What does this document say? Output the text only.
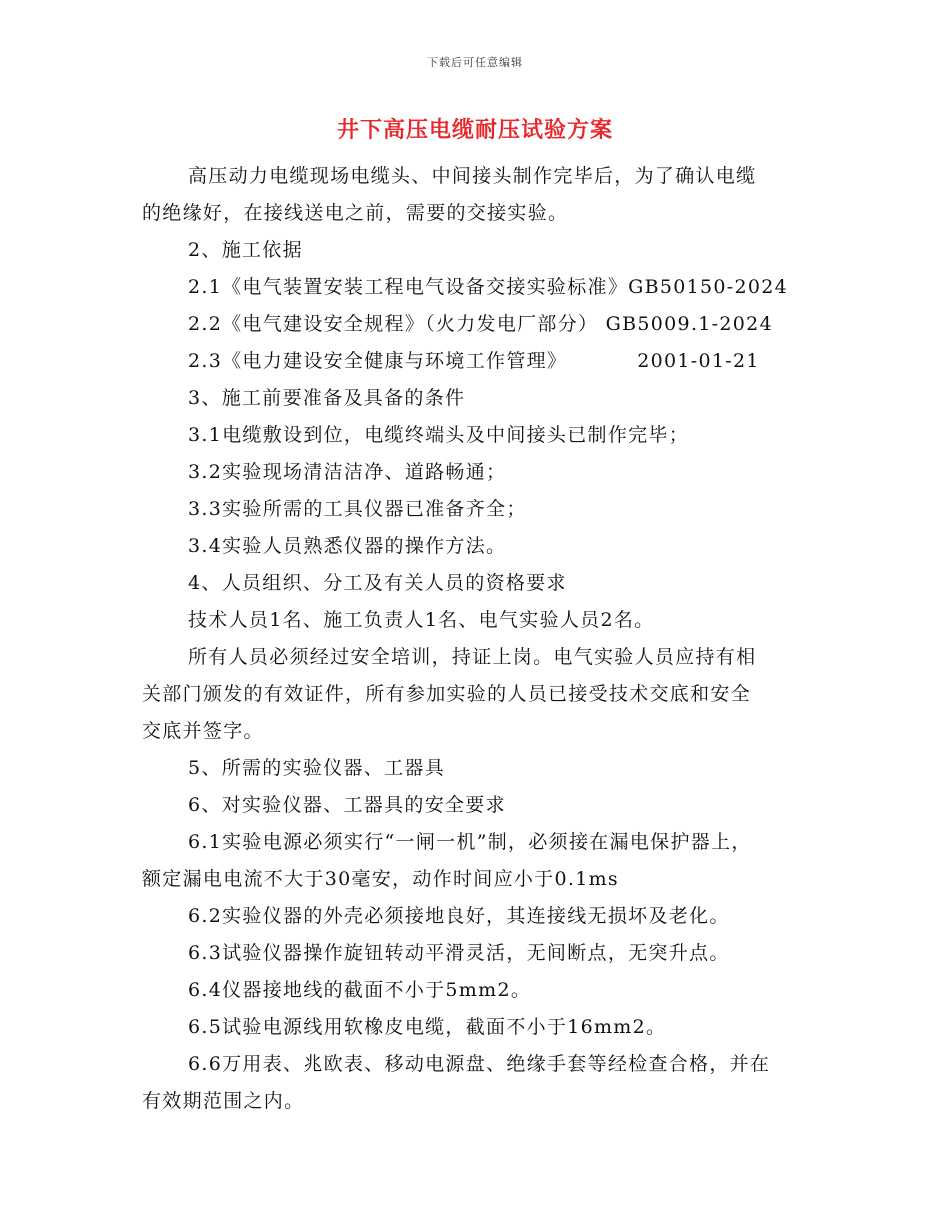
下载后可任意编辑
井下高压电缆耐压试验方案

高压动力电缆现场电缆头、中间接头制作完毕后，为了确认电缆

的绝缘好，在接线送电之前，需要的交接实验。

2、施工依据

2.1《电气装置安装工程电气设备交接实验标准》GB50150-2024

2.2《电气建设安全规程》（火力发电厂部分） GB5009.1-2024

2.3《电力建设安全健康与环境工作管理》	2001-01-21

3、施工前要准备及具备的条件

3.1电缆敷设到位，电缆终端头及中间接头已制作完毕；

3.2实验现场清洁洁净、道路畅通；

3.3实验所需的工具仪器已准备齐全；

3.4实验人员熟悉仪器的操作方法。

4、人员组织、分工及有关人员的资格要求

技术人员1名、施工负责人1名、电气实验人员2名。

所有人员必须经过安全培训，持证上岗。电气实验人员应持有相

关部门颁发的有效证件，所有参加实验的人员已接受技术交底和安全

交底并签字。

5、所需的实验仪器、工器具

6、对实验仪器、工器具的安全要求

6.1实验电源必须实行“一闸一机”制，必须接在漏电保护器上，

额定漏电电流不大于30毫安，动作时间应小于0.1ms

6.2实验仪器的外壳必须接地良好，其连接线无损坏及老化。

6.3试验仪器操作旋钮转动平滑灵活，无间断点，无突升点。

6.4仪器接地线的截面不小于5mm2。

6.5试验电源线用软橡皮电缆，截面不小于16mm2。

6.6万用表、兆欧表、移动电源盘、绝缘手套等经检查合格，并在

有效期范围之内。
